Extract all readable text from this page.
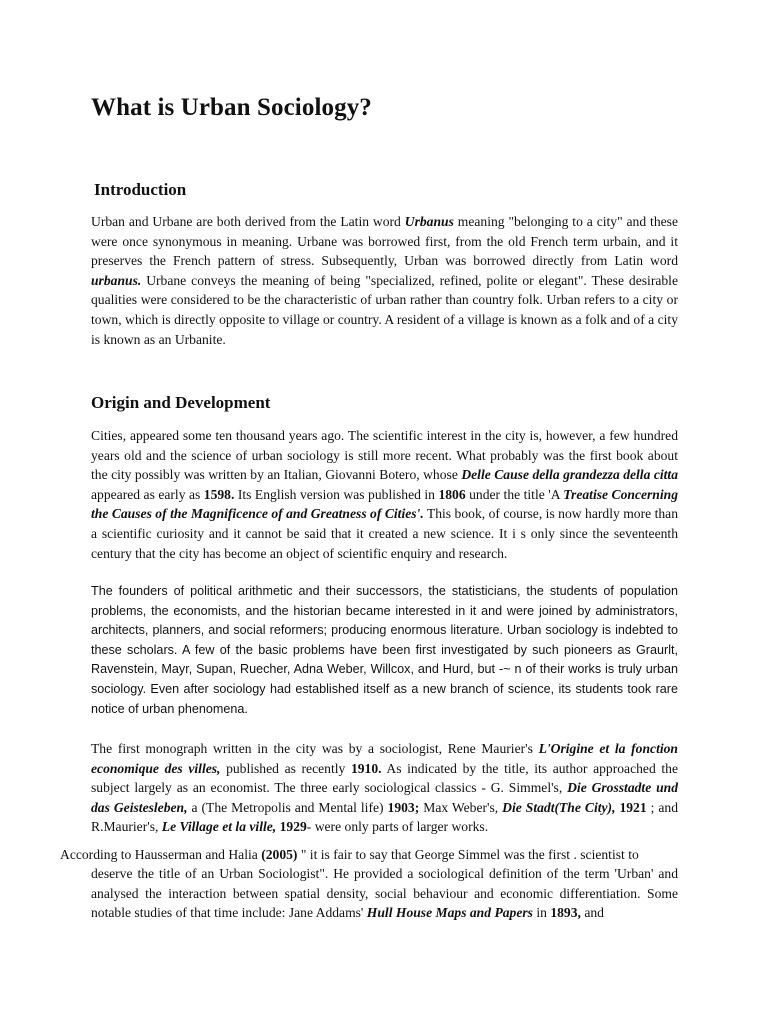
What is Urban Sociology?
Introduction
Urban and Urbane are both derived from the Latin word Urbanus meaning "belonging to a city" and these were once synonymous in meaning. Urbane was borrowed first, from the old French term urbain, and it preserves the French pattern of stress. Subsequently, Urban was borrowed directly from Latin word urbanus. Urbane conveys the meaning of being "specialized, refined, polite or elegant". These desirable qualities were considered to be the characteristic of urban rather than country folk. Urban refers to a city or town, which is directly opposite to village or country. A resident of a village is known as a folk and of a city is known as an Urbanite.
Origin and Development
Cities, appeared some ten thousand years ago. The scientific interest in the city is, however, a few hundred years old and the science of urban sociology is still more recent. What probably was the first book about the city possibly was written by an Italian, Giovanni Botero, whose Delle Cause della grandezza della citta appeared as early as 1598. Its English version was published in 1806 under the title 'A Treatise Concerning the Causes of the Magnificence of and Greatness of Cities'. This book, of course, is now hardly more than a scientific curiosity and it cannot be said that it created a new science. It i s only since the seventeenth century that the city has become an object of scientific enquiry and research.
The founders of political arithmetic and their successors, the statisticians, the students of population problems, the economists, and the historian became interested in it and were joined by administrators, architects, planners, and social reformers; producing enormous literature. Urban sociology is indebted to these scholars. A few of the basic problems have been first investigated by such pioneers as Graurlt, Ravenstein, Mayr, Supan, Ruecher, Adna Weber, Willcox, and Hurd, but -~ n of their works is truly urban sociology. Even after sociology had established itself as a new branch of science, its students took rare notice of urban phenomena.
The first monograph written in the city was by a sociologist, Rene Maurier's L'Origine et la fonction economique des villes, published as recently 1910. As indicated by the title, its author approached the subject largely as an economist. The three early sociological classics - G. Simmel's, Die Grosstadte und das Geistesleben, a (The Metropolis and Mental life) 1903; Max Weber's, Die Stadt(The City), 1921 ; and R.Maurier's, Le Village et la ville, 1929- were only parts of larger works.
According to Hausserman and Halia (2005) " it is fair to say that George Simmel was the first . scientist to
deserve the title of an Urban Sociologist". He provided a sociological definition of the term 'Urban' and analysed the interaction between spatial density, social behaviour and economic differentiation. Some notable studies of that time include: Jane Addams' Hull House Maps and Papers in 1893, and
